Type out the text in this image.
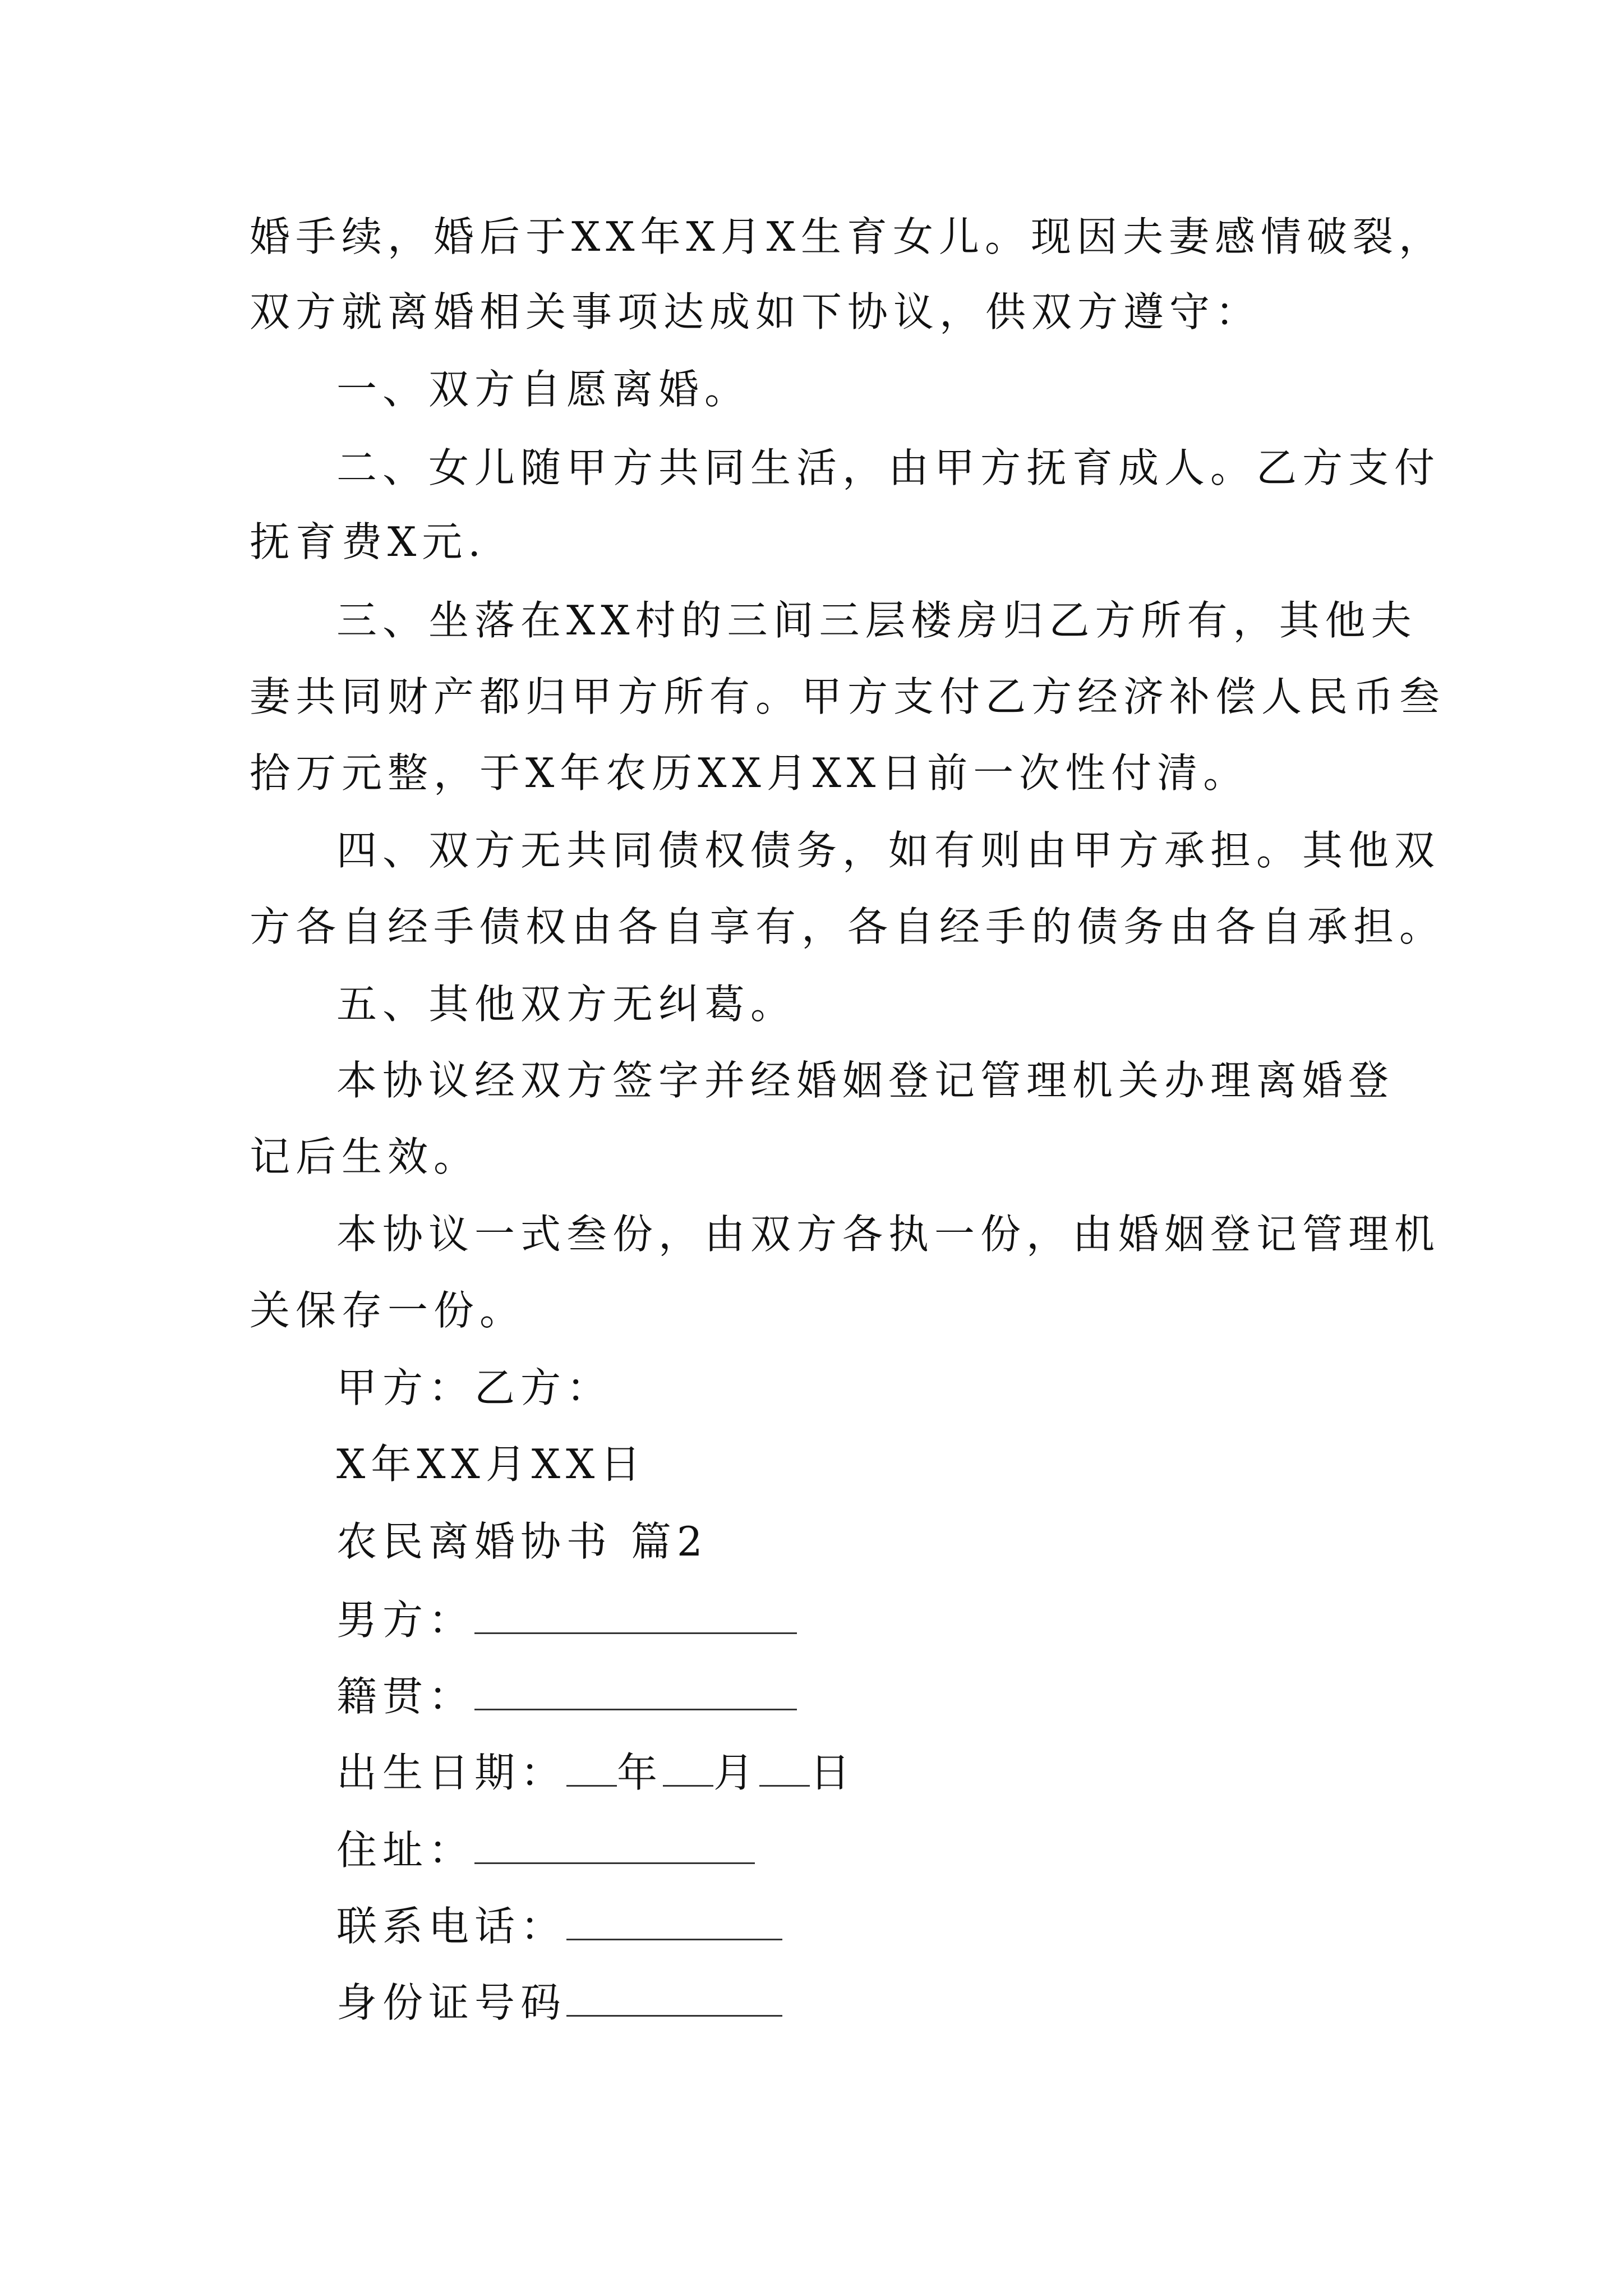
婚手续，婚后于XX年X月X生育女儿。现因夫妻感情破裂，
双方就离婚相关事项达成如下协议，供双方遵守：
一、双方自愿离婚。
二、女儿随甲方共同生活，由甲方抚育成人。乙方支付
抚育费X元.
三、坐落在XX村的三间三层楼房归乙方所有，其他夫
妻共同财产都归甲方所有。甲方支付乙方经济补偿人民币叁
拾万元整，于X年农历XX月XX日前一次性付清。
四、双方无共同债权债务，如有则由甲方承担。其他双
方各自经手债权由各自享有，各自经手的债务由各自承担。
五、其他双方无纠葛。
本协议经双方签字并经婚姻登记管理机关办理离婚登
记后生效。
本协议一式叁份，由双方各执一份，由婚姻登记管理机
关保存一份。
甲方：乙方：
X年XX月XX日
农民离婚协书 篇2
男方：
籍贯：
出生日期： 年 月 日
住址：
联系电话：
身份证号码
